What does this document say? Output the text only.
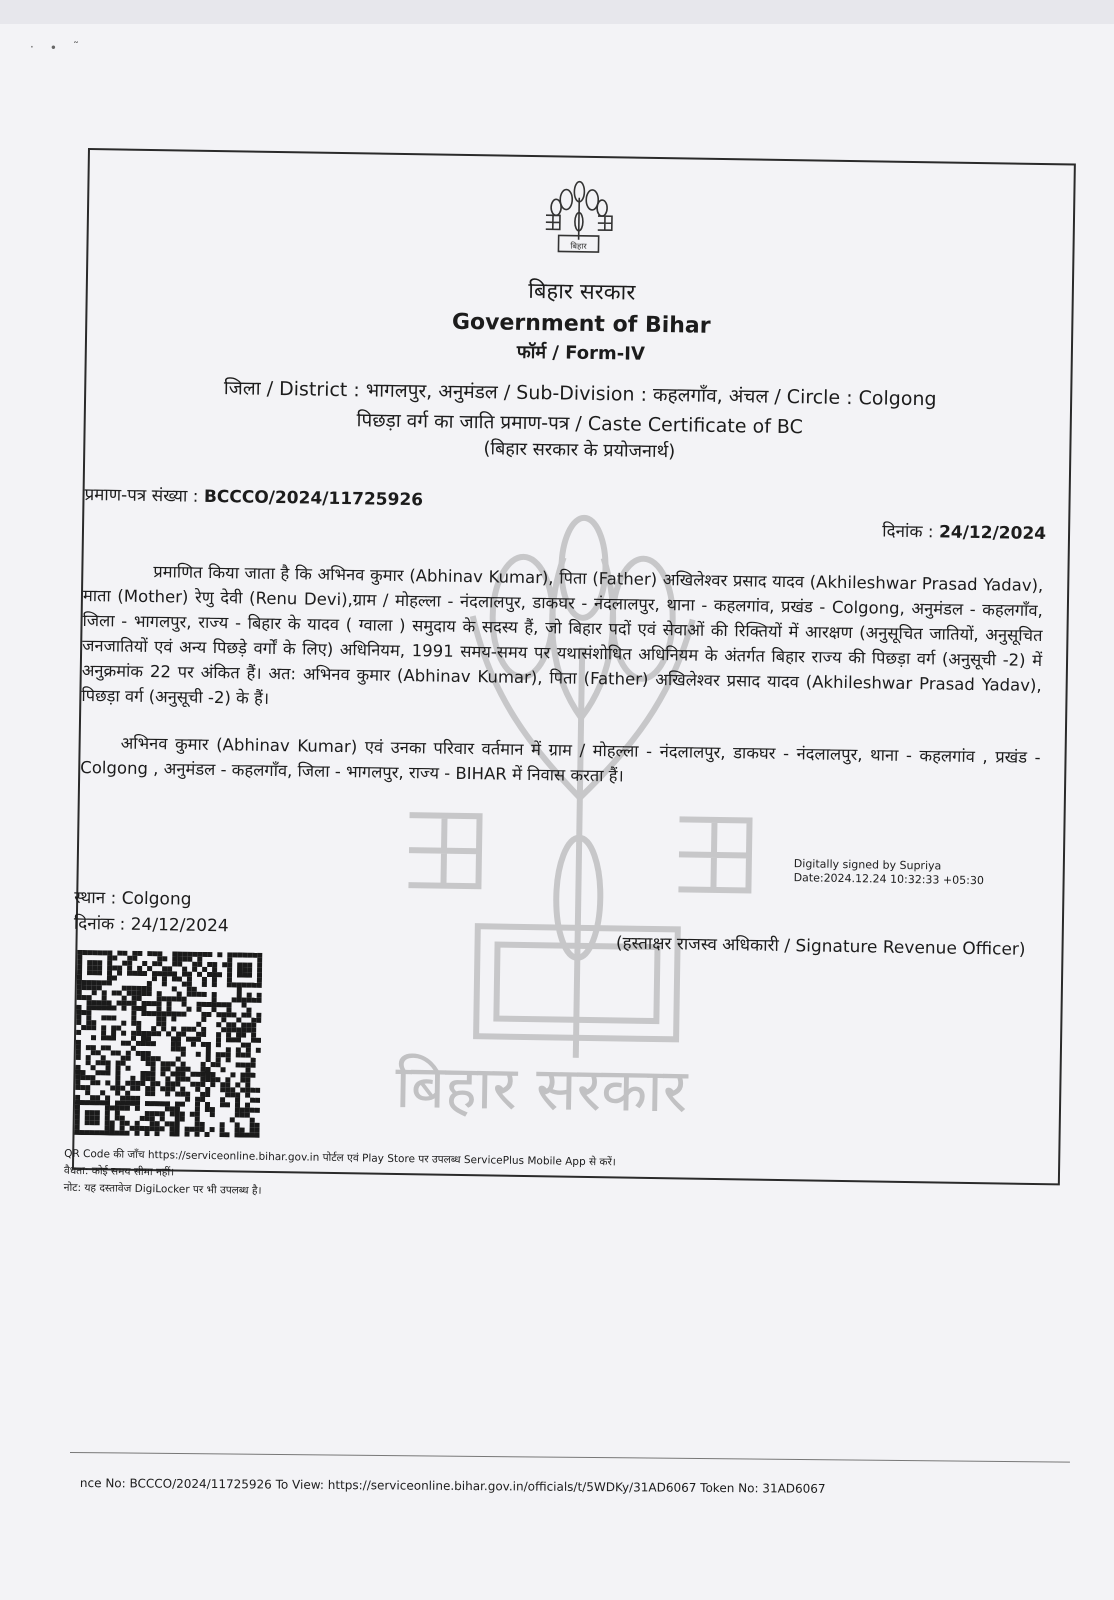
· ∙ ˜
बिहार सरकार
बिहार
बिहार सरकार
Government of Bihar
फॉर्म / Form-IV
जिला / District : भागलपुर, अनुमंडल / Sub-Division : कहलगाँव, अंचल / Circle : Colgong
पिछड़ा वर्ग का जाति प्रमाण-पत्र / Caste Certificate of BC
(बिहार सरकार के प्रयोजनार्थ)
प्रमाण-पत्र संख्या : BCCCO/2024/11725926
दिनांक : 24/12/2024
प्रमाणित किया जाता है कि अभिनव कुमार (Abhinav Kumar), पिता (Father) अखिलेश्वर प्रसाद यादव (Akhileshwar Prasad Yadav), माता (Mother) रेणु देवी (Renu Devi),ग्राम / मोहल्ला - नंदलालपुर, डाकघर - नंदलालपुर, थाना - कहलगांव, प्रखंड - Colgong, अनुमंडल - कहलगाँव, जिला - भागलपुर, राज्य - बिहार के यादव ( ग्वाला ) समुदाय के सदस्य हैं, जो बिहार पदों एवं सेवाओं की रिक्तियों में आरक्षण (अनुसूचित जातियों, अनुसूचित जनजातियों एवं अन्य पिछड़े वर्गों के लिए) अधिनियम, 1991 समय-समय पर यथासंशोधित अधिनियम के अंतर्गत बिहार राज्य की पिछड़ा वर्ग (अनुसूची -2) में अनुक्रमांक 22 पर अंकित हैं। अत: अभिनव कुमार (Abhinav Kumar), पिता (Father) अखिलेश्वर प्रसाद यादव (Akhileshwar Prasad Yadav), पिछड़ा वर्ग (अनुसूची -2) के हैं।
अभिनव कुमार (Abhinav Kumar) एवं उनका परिवार वर्तमान में ग्राम / मोहल्ला - नंदलालपुर, डाकघर - नंदलालपुर, थाना - कहलगांव , प्रखंड - Colgong , अनुमंडल - कहलगाँव, जिला - भागलपुर, राज्य - BIHAR में निवास करता हैं।
Digitally signed by Supriya
Date:2024.12.24 10:32:33 +05:30
स्थान : Colgong
दिनांक : 24/12/2024
(हस्ताक्षर राजस्व अधिकारी / Signature Revenue Officer)
QR Code की जाँच https://serviceonline.bihar.gov.in पोर्टल एवं Play Store पर उपलब्ध ServicePlus Mobile App से करें।
वैधता: कोई समय सीमा नहीं।
नोट: यह दस्तावेज DigiLocker पर भी उपलब्ध है।
nce No: BCCCO/2024/11725926 To View: https://serviceonline.bihar.gov.in/officials/t/5WDKy/31AD6067 Token No: 31AD6067
